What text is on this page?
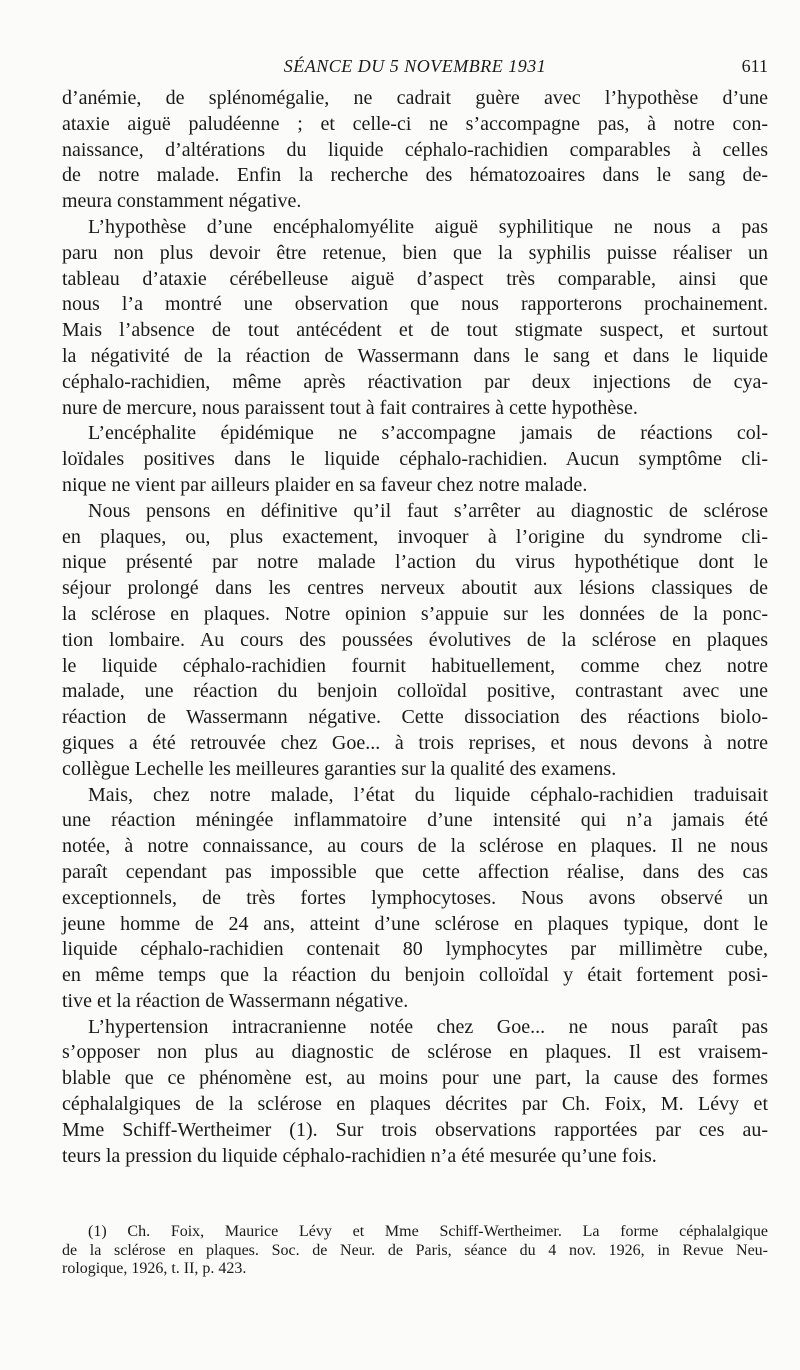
SÉANCE DU 5 NOVEMBRE 1931	611
d’anémie, de splénomégalie, ne cadrait guère avec l’hypothèse d’une
ataxie aiguë paludéenne ; et celle-ci ne s’accompagne pas, à notre con-
naissance, d’altérations du liquide céphalo-rachidien comparables à celles
de notre malade. Enfin la recherche des hématozoaires dans le sang de-
meura constamment négative.
L’hypothèse d’une encéphalomyélite aiguë syphilitique ne nous a pas
paru non plus devoir être retenue, bien que la syphilis puisse réaliser un
tableau d’ataxie cérébelleuse aiguë d’aspect très comparable, ainsi que
nous l’a montré une observation que nous rapporterons prochainement.
Mais l’absence de tout antécédent et de tout stigmate suspect, et surtout
la négativité de la réaction de Wassermann dans le sang et dans le liquide
céphalo-rachidien, même après réactivation par deux injections de cya-
nure de mercure, nous paraissent tout à fait contraires à cette hypothèse.
L’encéphalite épidémique ne s’accompagne jamais de réactions col-
loïdales positives dans le liquide céphalo-rachidien. Aucun symptôme cli-
nique ne vient par ailleurs plaider en sa faveur chez notre malade.
Nous pensons en définitive qu’il faut s’arrêter au diagnostic de sclérose
en plaques, ou, plus exactement, invoquer à l’origine du syndrome cli-
nique présenté par notre malade l’action du virus hypothétique dont le
séjour prolongé dans les centres nerveux aboutit aux lésions classiques de
la sclérose en plaques. Notre opinion s’appuie sur les données de la ponc-
tion lombaire. Au cours des poussées évolutives de la sclérose en plaques
le liquide céphalo-rachidien fournit habituellement, comme chez notre
malade, une réaction du benjoin colloïdal positive, contrastant avec une
réaction de Wassermann négative. Cette dissociation des réactions biolo-
giques a été retrouvée chez Goe... à trois reprises, et nous devons à notre
collègue Lechelle les meilleures garanties sur la qualité des examens.
Mais, chez notre malade, l’état du liquide céphalo-rachidien traduisait
une réaction méningée inflammatoire d’une intensité qui n’a jamais été
notée, à notre connaissance, au cours de la sclérose en plaques. Il ne nous
paraît cependant pas impossible que cette affection réalise, dans des cas
exceptionnels, de très fortes lymphocytoses. Nous avons observé un
jeune homme de 24 ans, atteint d’une sclérose en plaques typique, dont le
liquide céphalo-rachidien contenait 80 lymphocytes par millimètre cube,
en même temps que la réaction du benjoin colloïdal y était fortement posi-
tive et la réaction de Wassermann négative.
L’hypertension intracranienne notée chez Goe... ne nous paraît pas
s’opposer non plus au diagnostic de sclérose en plaques. Il est vraisem-
blable que ce phénomène est, au moins pour une part, la cause des formes
céphalalgiques de la sclérose en plaques décrites par Ch. Foix, M. Lévy et
Mme Schiff-Wertheimer (1). Sur trois observations rapportées par ces au-
teurs la pression du liquide céphalo-rachidien n’a été mesurée qu’une fois.
(1) Ch. Foix, Maurice Lévy et Mme Schiff-Wertheimer. La forme céphalalgique
de la sclérose en plaques. Soc. de Neur. de Paris, séance du 4 nov. 1926, in Revue Neu-
rologique, 1926, t. II, p. 423.
